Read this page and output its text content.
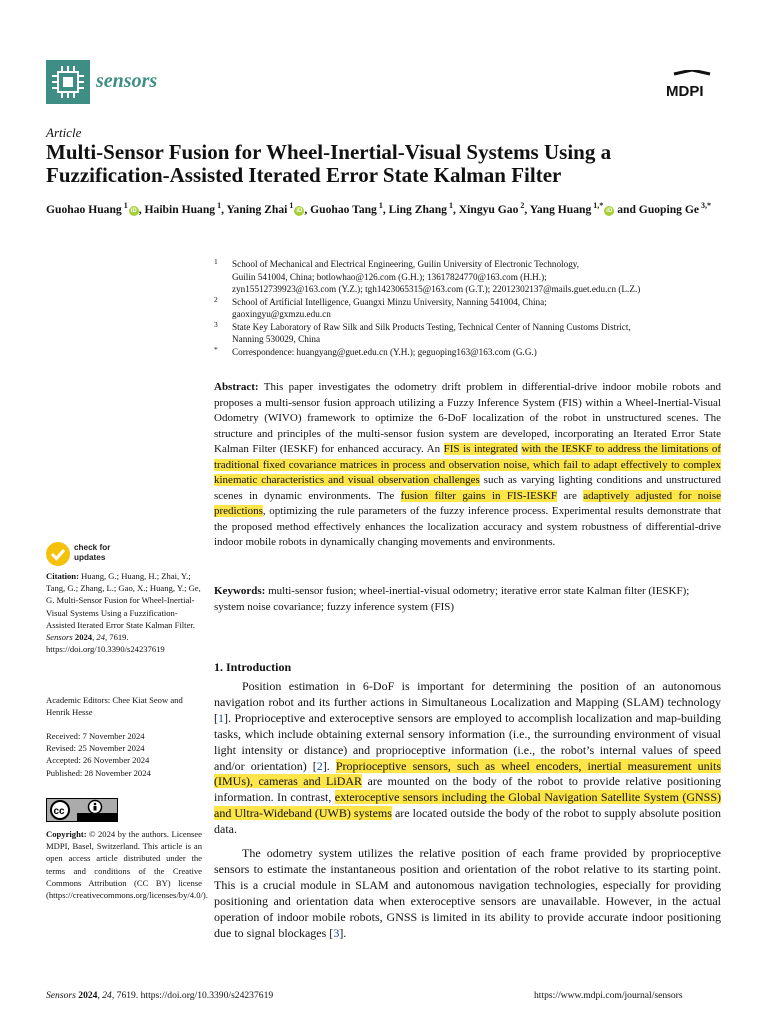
sensors	MDPI
Article
Multi-Sensor Fusion for Wheel-Inertial-Visual Systems Using a Fuzzification-Assisted Iterated Error State Kalman Filter
Guohao Huang $^1$iD , Haibin Huang $^1$, Yaning Zhai $^1$iD , Guohao Tang $^1$, Ling Zhang $^1$, Xingyu Gao $^2$, Yang Huang $^{1,*}$iD and Guoping Ge $^{3,*}$
1 School of Mechanical and Electrical Engineering, Guilin University of Electronic Technology,
Guilin 541004, China; botlowhao@126.com (G.H.); 13617824770@163.com (H.H.);
zyn15512739923@163.com (Y.Z.); tgh1423065315@163.com (G.T.); 22012302137@mails.guet.edu.cn (L.Z.)
2 School of Artificial Intelligence, Guangxi Minzu University, Nanning 541004, China;
gaoxingyu@gxmzu.edu.cn
3 State Key Laboratory of Raw Silk and Silk Products Testing, Technical Center of Nanning Customs District,
Nanning 530029, China
* Correspondence: huangyang@guet.edu.cn (Y.H.); geguoping163@163.com (G.G.)

Abstract: This paper investigates the odometry drift problem in differential-drive indoor mobile robots and proposes a multi-sensor fusion approach utilizing a Fuzzy Inference System (FIS) within a Wheel-Inertial-Visual Odometry (WIVO) framework to optimize the 6-DoF localization of the robot in unstructured scenes. The structure and principles of the multi-sensor fusion system are developed, incorporating an Iterated Error State Kalman Filter (IESKF) for enhanced accuracy. An FIS is integrated with the IESKF to address the limitations of traditional fixed covariance matrices in process and observation noise, which fail to adapt effectively to complex kinematic characteristics and visual observation challenges such as varying lighting conditions and unstructured scenes in dynamic environments. The fusion filter gains in FIS-IESKF are adaptively adjusted for noise predictions, optimizing the rule parameters of the fuzzy inference process. Experimental results demonstrate that the proposed method effectively enhances the localization accuracy and system robustness of differential-drive indoor mobile robots in dynamically changing movements and environments.

Keywords: multi-sensor fusion; wheel-inertial-visual odometry; iterative error state Kalman filter (IESKF); system noise covariance; fuzzy inference system (FIS)

1. Introduction

Position estimation in 6-DoF is important for determining the position of an autonomous navigation robot and its further actions in Simultaneous Localization and Mapping (SLAM) technology [1]. Proprioceptive and exteroceptive sensors are employed to accomplish localization and map-building tasks, which include obtaining external sensory information (i.e., the surrounding environment of visual light intensity or distance) and proprioceptive information (i.e., the robot’s internal values of speed and/or orientation) [2]. Proprioceptive sensors, such as wheel encoders, inertial measurement units (IMUs), cameras and LiDAR are mounted on the body of the robot to provide relative positioning information. In contrast, exteroceptive sensors including the Global Navigation Satellite System (GNSS) and Ultra-Wideband (UWB) systems are located outside the body of the robot to supply absolute position data.

The odometry system utilizes the relative position of each frame provided by proprioceptive sensors to estimate the instantaneous position and orientation of the robot relative to its starting point. This is a crucial module in SLAM and autonomous navigation technologies, especially for providing positioning and orientation data when exteroceptive sensors are unavailable. However, in the actual operation of indoor mobile robots, GNSS is limited in its ability to provide accurate indoor positioning due to signal blockages [3].

check for
updates
Citation: Huang, G.; Huang, H.; Zhai, Y.; Tang, G.; Zhang, L.; Gao, X.; Huang, Y.; Ge, G. Multi-Sensor Fusion for Wheel-Inertial-Visual Systems Using a Fuzzification-Assisted Iterated Error State Kalman Filter. Sensors 2024, 24, 7619. https://doi.org/10.3390/s24237619
Academic Editors: Chee Kiat Seow and Henrik Hesse
Received: 7 November 2024
Revised: 25 November 2024
Accepted: 26 November 2024
Published: 28 November 2024
cc
Copyright: © 2024 by the authors. Licensee MDPI, Basel, Switzerland. This article is an open access article distributed under the terms and conditions of the Creative Commons Attribution (CC BY) license (https://creativecommons.org/licenses/by/4.0/).
Sensors 2024, 24, 7619. https://doi.org/10.3390/s24237619	https://www.mdpi.com/journal/sensors
